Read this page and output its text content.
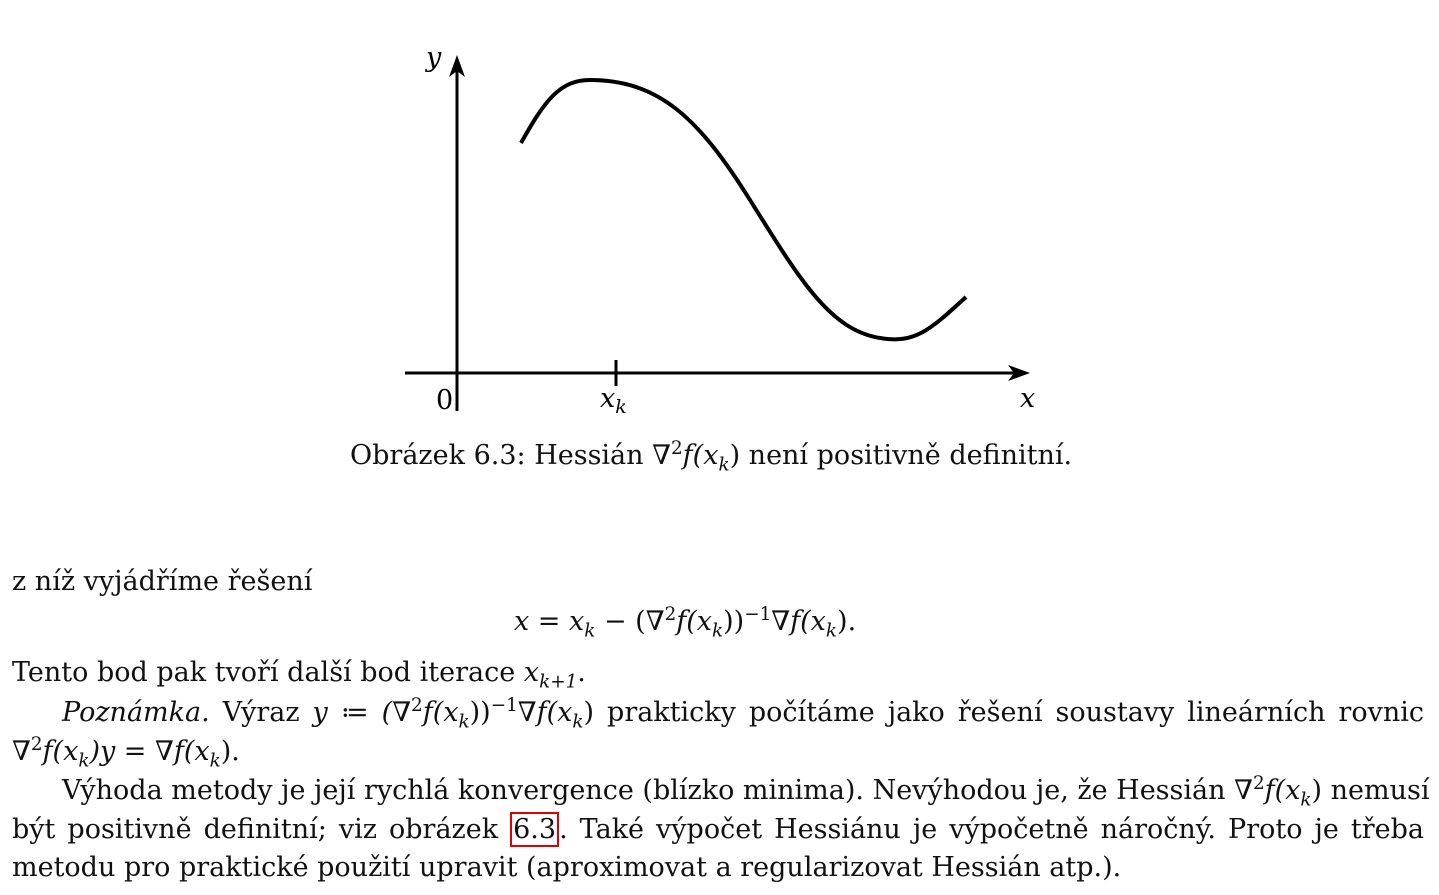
y
x
0	$x_k$
Obrázek 6.3: Hessián $\nabla^2f(x_k)$ není positivně definitní.
z níž vyjádříme řešení
$x = x_k - (\nabla^2f(x_k))^{-1}\nabla f(x_k)$.
Tento bod pak tvoří další bod iterace $x_{k+1}$.
Poznámka. Výraz y ≔ $(\nabla^2f(x_k))^{-1}\nabla f(x_k)$ prakticky počítáme jako řešení soustavy lineárních rovnic
$\nabla^2f(x_k)y = \nabla f(x_k)$.
Výhoda metody je její rychlá konvergence (blízko minima). Nevýhodou je, že Hessián $\nabla^2f(x_k)$ nemusí
být positivně definitní; viz obrázek 6.3 . Také výpočet Hessiánu je výpočetně náročný. Proto je třeba
metodu pro praktické použití upravit (aproximovat a regularizovat Hessián atp.).
